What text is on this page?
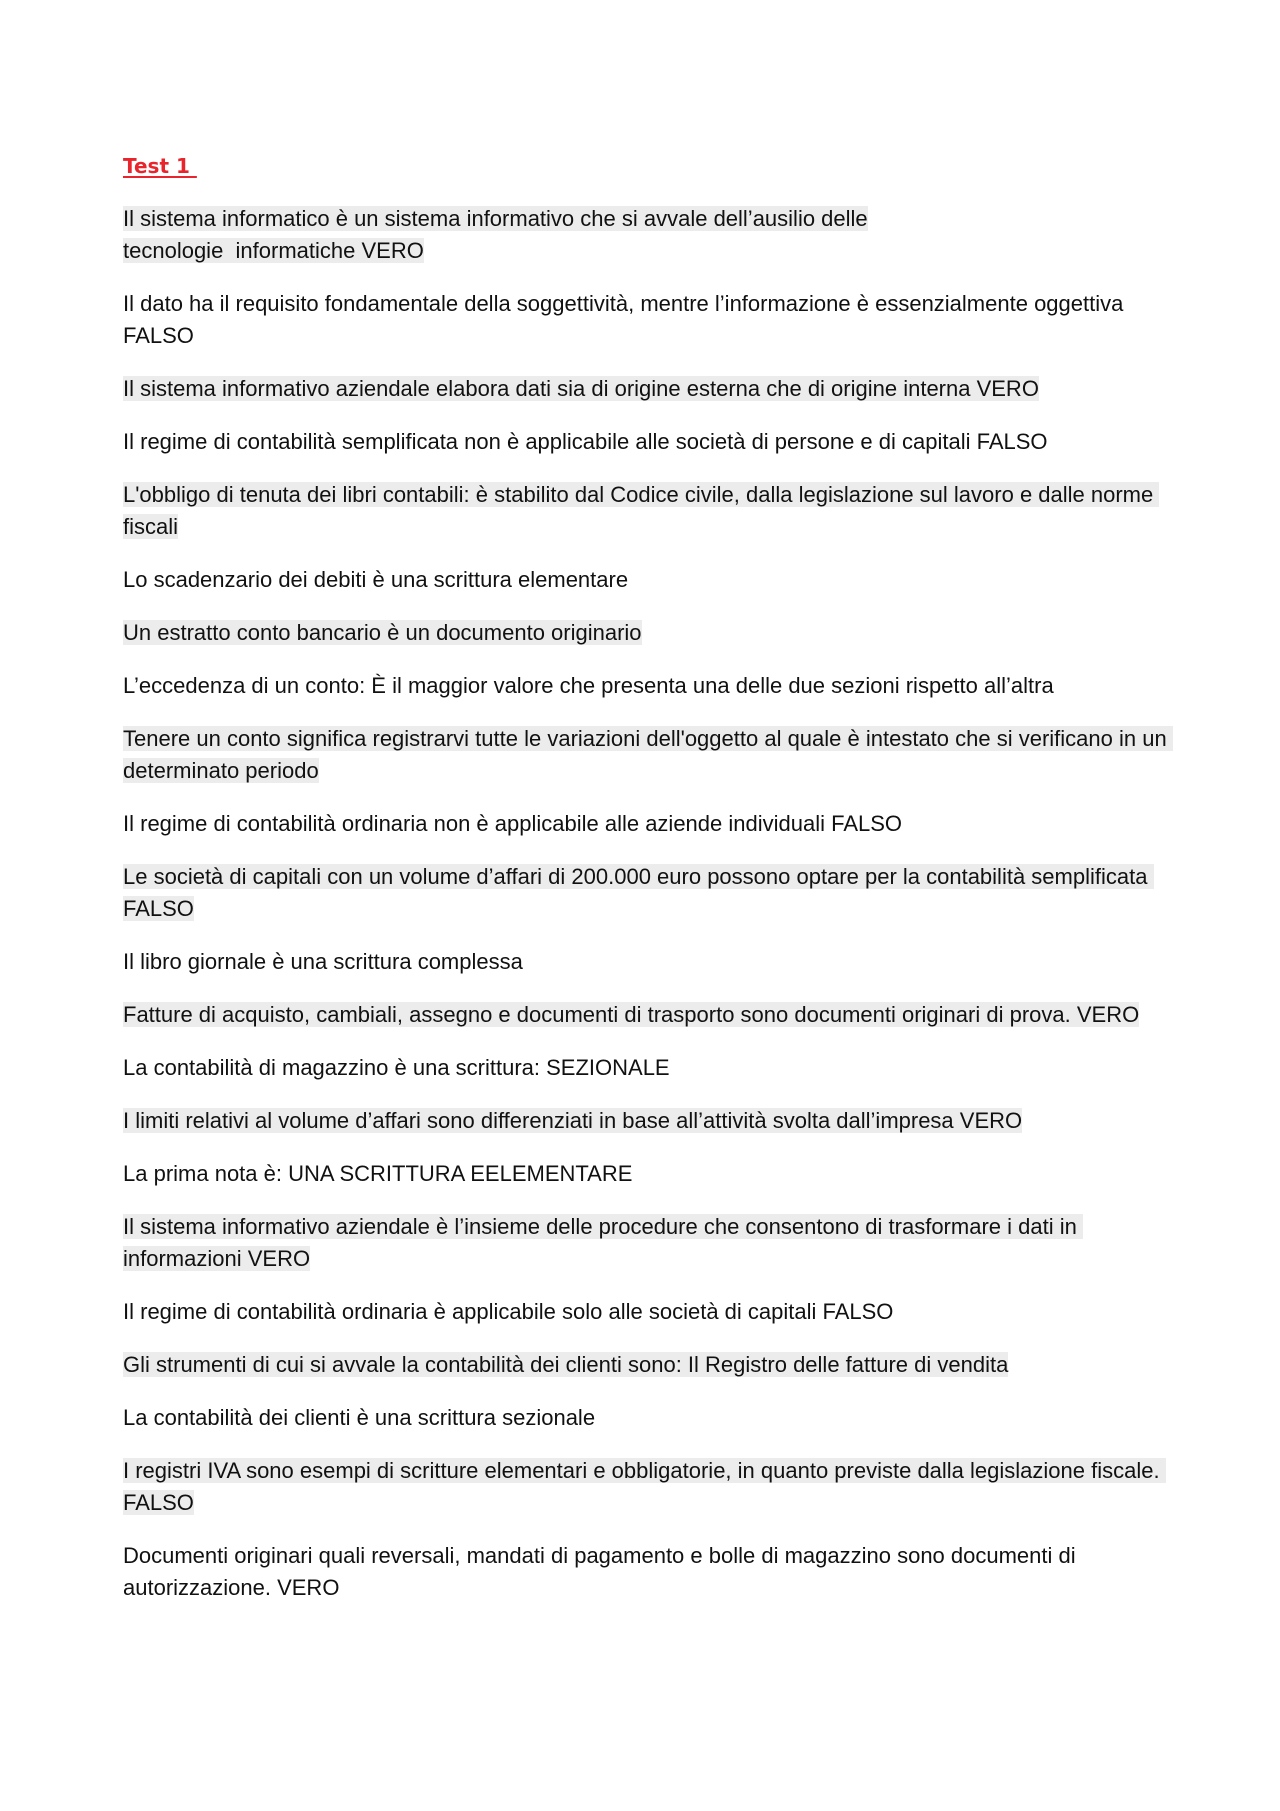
Test 1
Il sistema informatico è un sistema informativo che si avvale dell’ausilio delle
tecnologie  informatiche VERO
Il dato ha il requisito fondamentale della soggettività, mentre l’informazione è essenzialmente oggettiva FALSO
Il sistema informativo aziendale elabora dati sia di origine esterna che di origine interna VERO
Il regime di contabilità semplificata non è applicabile alle società di persone e di capitali FALSO
L'obbligo di tenuta dei libri contabili: è stabilito dal Codice civile, dalla legislazione sul lavoro e dalle norme fiscali
Lo scadenzario dei debiti è una scrittura elementare
Un estratto conto bancario è un documento originario
L’eccedenza di un conto: È il maggior valore che presenta una delle due sezioni rispetto all’altra
Tenere un conto significa registrarvi tutte le variazioni dell'oggetto al quale è intestato che si verificano in un determinato periodo
Il regime di contabilità ordinaria non è applicabile alle aziende individuali FALSO
Le società di capitali con un volume d’affari di 200.000 euro possono optare per la contabilità semplificata FALSO
Il libro giornale è una scrittura complessa
Fatture di acquisto, cambiali, assegno e documenti di trasporto sono documenti originari di prova. VERO
La contabilità di magazzino è una scrittura: SEZIONALE
I limiti relativi al volume d’affari sono differenziati in base all’attività svolta dall’impresa VERO
La prima nota è: UNA SCRITTURA EELEMENTARE
Il sistema informativo aziendale è l’insieme delle procedure che consentono di trasformare i dati in informazioni VERO
Il regime di contabilità ordinaria è applicabile solo alle società di capitali FALSO
Gli strumenti di cui si avvale la contabilità dei clienti sono: Il Registro delle fatture di vendita
La contabilità dei clienti è una scrittura sezionale
I registri IVA sono esempi di scritture elementari e obbligatorie, in quanto previste dalla legislazione fiscale. FALSO
Documenti originari quali reversali, mandati di pagamento e bolle di magazzino sono documenti di autorizzazione. VERO
